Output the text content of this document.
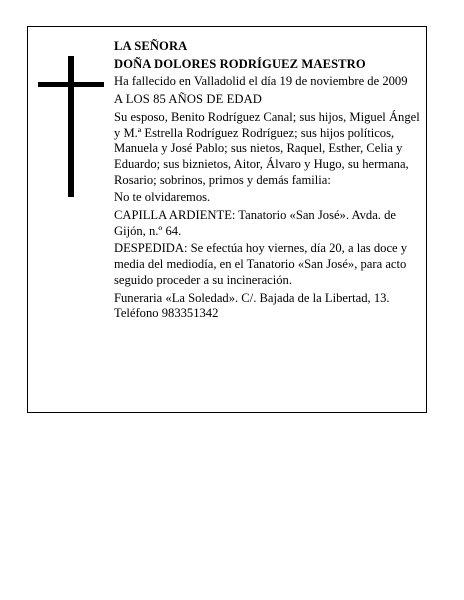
LA SEÑORA

DOÑA DOLORES RODRÍGUEZ MAESTRO

Ha fallecido en Valladolid el día 19 de noviembre de 2009

A LOS 85 AÑOS DE EDAD

Su esposo, Benito Rodríguez Canal; sus hijos, Miguel Ángel y M.ª Estrella Rodríguez Rodríguez; sus hijos políticos, Manuela y José Pablo; sus nietos, Raquel, Esther, Celia y Eduardo; sus biznietos, Aitor, Álvaro y Hugo, su hermana, Rosario; sobrinos, primos y demás familia:

No te olvidaremos.

CAPILLA ARDIENTE: Tanatorio «San José». Avda. de Gijón, n.º 64.

DESPEDIDA: Se efectúa hoy viernes, día 20, a las doce y media del mediodía, en el Tanatorio «San José», para acto seguido proceder a su incineración.

Funeraria «La Soledad». C/. Bajada de la Libertad, 13. Teléfono 983351342
